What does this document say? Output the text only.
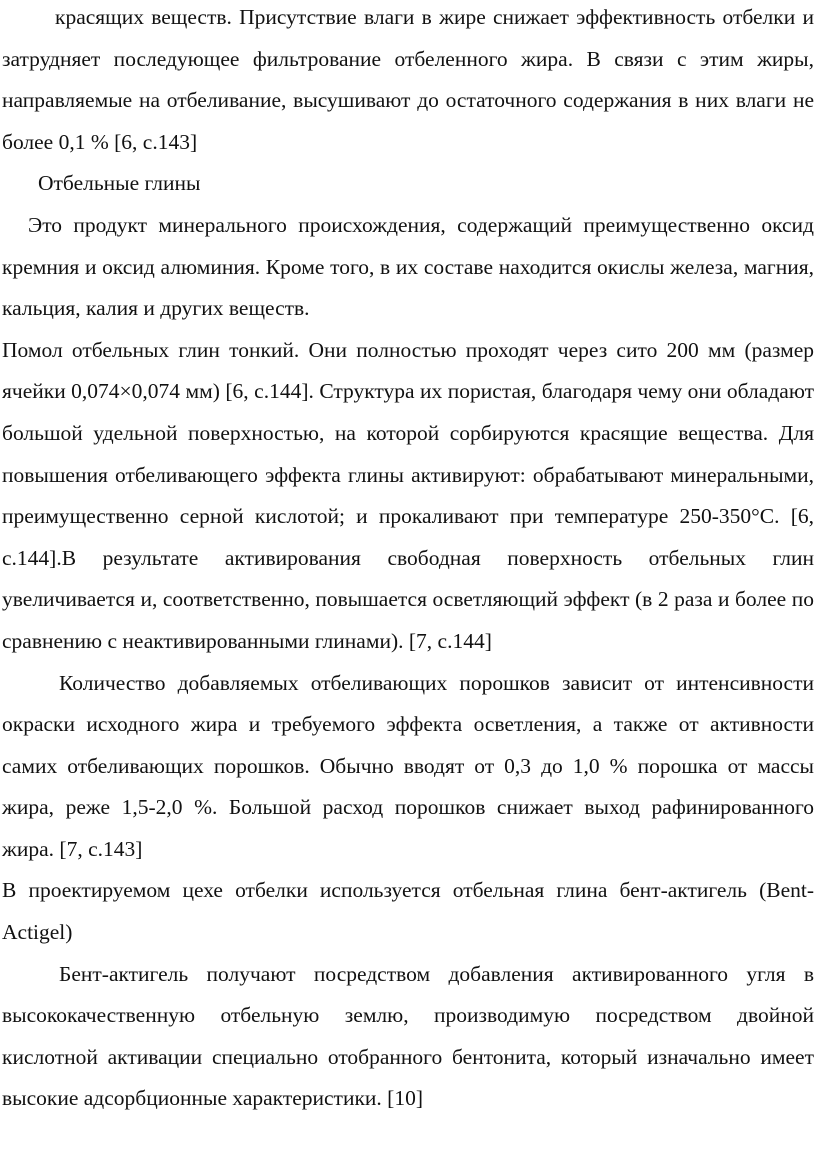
красящих веществ. Присутствие влаги в жире снижает эффективность отбелки и затрудняет последующее фильтрование отбеленного жира. В связи с этим жиры, направляемые на отбеливание, высушивают до остаточного содержания в них влаги не более 0,1 % [6, с.143]

Отбельные глины

Это продукт минерального происхождения, содержащий преимущественно оксид кремния и оксид алюминия. Кроме того, в их составе находится окислы железа, магния, кальция, калия и других веществ.

Помол отбельных глин тонкий. Они полностью проходят через сито 200 мм (размер ячейки 0,074×0,074 мм) [6, с.144]. Структура их пористая, благодаря чему они обладают большой удельной поверхностью, на которой сорбируются красящие вещества. Для повышения отбеливающего эффекта глины активируют: обрабатывают минеральными, преимущественно серной кислотой; и прокаливают при температуре 250-350°С. [6, с.144].В результате активирования свободная поверхность отбельных глин увеличивается и, соответственно, повышается осветляющий эффект (в 2 раза и более по сравнению с неактивированными глинами). [7, с.144]

Количество добавляемых отбеливающих порошков зависит от интенсивности окраски исходного жира и требуемого эффекта осветления, а также от активности самих отбеливающих порошков. Обычно вводят от 0,3 до 1,0 % порошка от массы жира, реже 1,5-2,0 %. Большой расход порошков снижает выход рафинированного жира. [7, с.143]

В проектируемом цехе отбелки используется отбельная глина бент-актигель (Bent-Actigel)

Бент-актигель получают посредством добавления активированного угля в высококачественную отбельную землю, производимую посредством двойной кислотной активации специально отобранного бентонита, который изначально имеет высокие адсорбционные характеристики. [10]
